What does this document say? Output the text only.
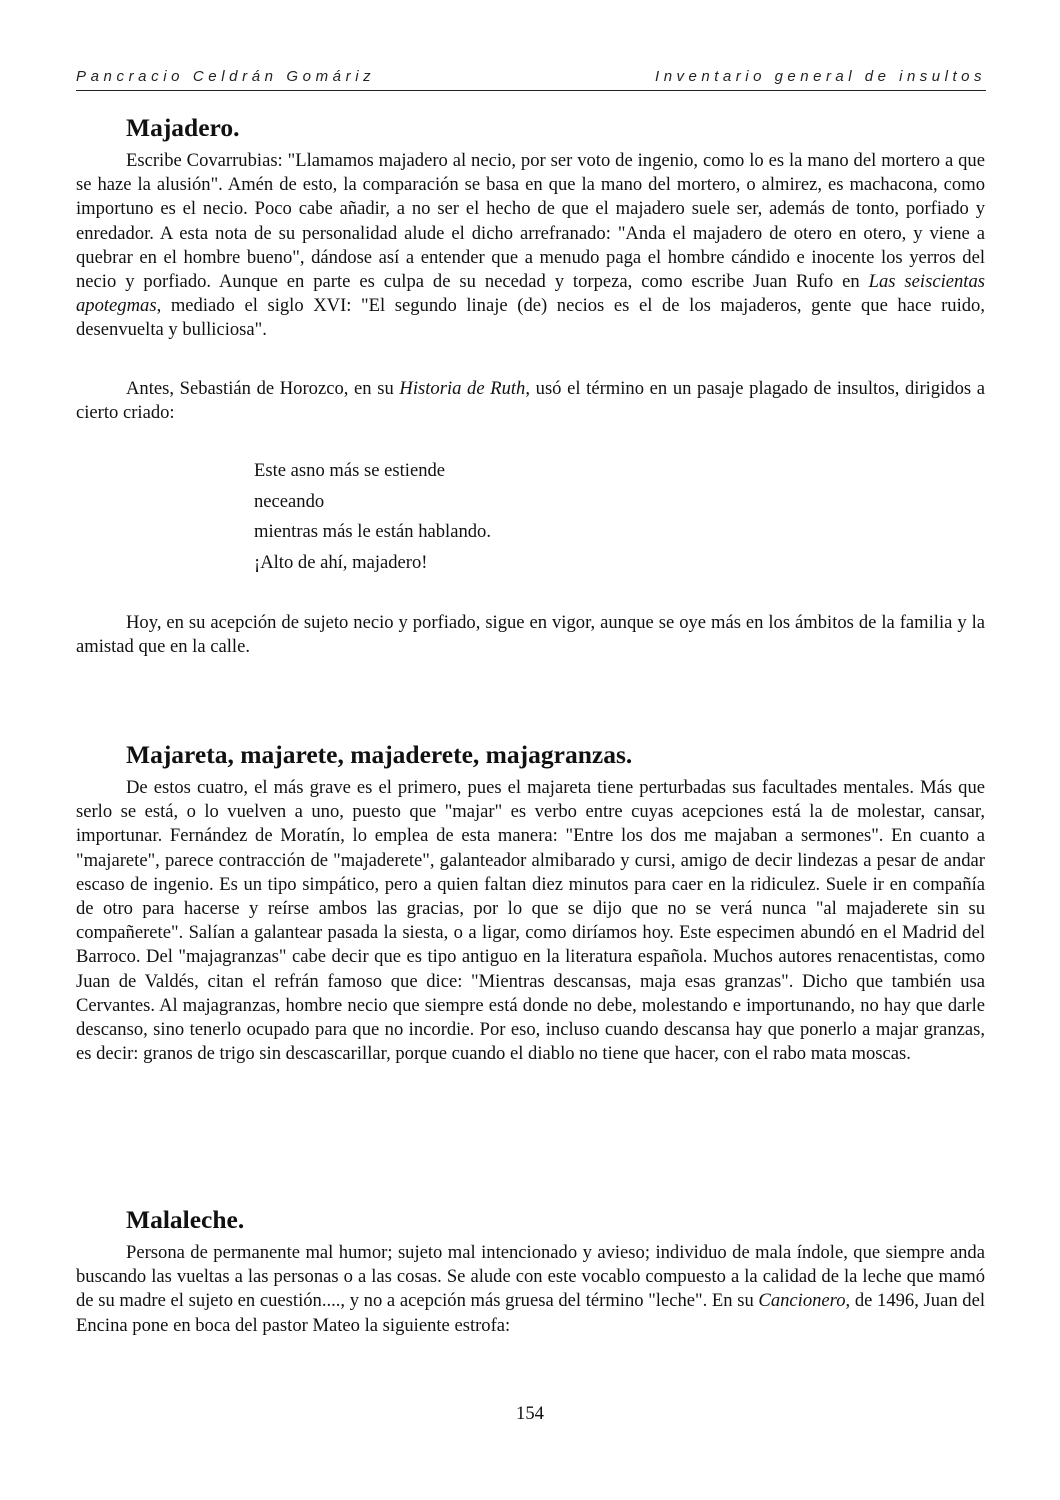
Pancracio Celdrán Gomáriz	Inventario general de insultos
Majadero.

Escribe Covarrubias: "Llamamos majadero al necio, por ser voto de ingenio, como lo es la mano del mortero a que se haze la alusión". Amén de esto, la comparación se basa en que la mano del mortero, o almirez, es machacona, como importuno es el necio. Poco cabe añadir, a no ser el hecho de que el majadero suele ser, además de tonto, porfiado y enredador. A esta nota de su personalidad alude el dicho arrefranado: "Anda el majadero de otero en otero, y viene a quebrar en el hombre bueno", dándose así a entender que a menudo paga el hombre cándido e inocente los yerros del necio y porfiado. Aunque en parte es culpa de su necedad y torpeza, como escribe Juan Rufo en Las seiscientas apotegmas, mediado el siglo XVI: "El segundo linaje (de) necios es el de los majaderos, gente que hace ruido, desenvuelta y bulliciosa".

Antes, Sebastián de Horozco, en su Historia de Ruth, usó el término en un pasaje plagado de insultos, dirigidos a cierto criado:

Este asno más se estiende
neceando
mientras más le están hablando.
¡Alto de ahí, majadero!

Hoy, en su acepción de sujeto necio y porfiado, sigue en vigor, aunque se oye más en los ámbitos de la familia y la amistad que en la calle.

Majareta, majarete, majaderete, majagranzas.

De estos cuatro, el más grave es el primero, pues el majareta tiene perturbadas sus facultades mentales. Más que serlo se está, o lo vuelven a uno, puesto que "majar" es verbo entre cuyas acepciones está la de molestar, cansar, importunar. Fernández de Moratín, lo emplea de esta manera: "Entre los dos me majaban a sermones". En cuanto a "majarete", parece contracción de "majaderete", galanteador almibarado y cursi, amigo de decir lindezas a pesar de andar escaso de ingenio. Es un tipo simpático, pero a quien faltan diez minutos para caer en la ridiculez. Suele ir en compañía de otro para hacerse y reírse ambos las gracias, por lo que se dijo que no se verá nunca "al majaderete sin su compañerete". Salían a galantear pasada la siesta, o a ligar, como diríamos hoy. Este especimen abundó en el Madrid del Barroco. Del "majagranzas" cabe decir que es tipo antiguo en la literatura española. Muchos autores renacentistas, como Juan de Valdés, citan el refrán famoso que dice: "Mientras descansas, maja esas granzas". Dicho que también usa Cervantes. Al majagranzas, hombre necio que siempre está donde no debe, molestando e importunando, no hay que darle descanso, sino tenerlo ocupado para que no incordie. Por eso, incluso cuando descansa hay que ponerlo a majar granzas, es decir: granos de trigo sin descascarillar, porque cuando el diablo no tiene que hacer, con el rabo mata moscas.

Malaleche.

Persona de permanente mal humor; sujeto mal intencionado y avieso; individuo de mala índole, que siempre anda buscando las vueltas a las personas o a las cosas. Se alude con este vocablo compuesto a la calidad de la leche que mamó de su madre el sujeto en cuestión...., y no a acepción más gruesa del término "leche". En su Cancionero, de 1496, Juan del Encina pone en boca del pastor Mateo la siguiente estrofa:

154
